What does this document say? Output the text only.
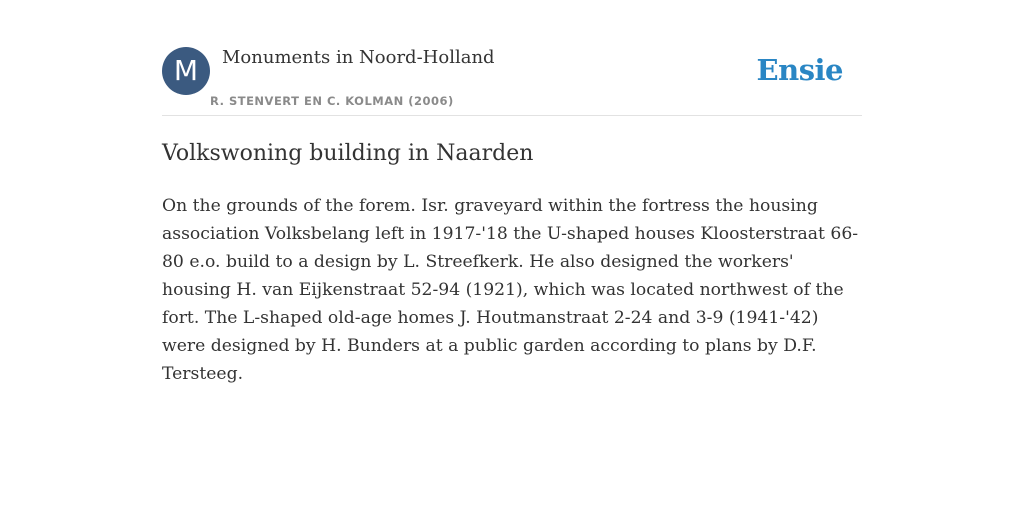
M	Monuments in Noord-Holland
R. STENVERT EN C. KOLMAN (2006)
Ensie
Volkswoning building in Naarden

On the grounds of the forem. Isr. graveyard within the fortress the housing association Volksbelang left in 1917-'18 the U-shaped houses Kloosterstraat 66-80 e.o. build to a design by L. Streefkerk. He also designed the workers' housing H. van Eijkenstraat 52-94 (1921), which was located northwest of the fort. The L-shaped old-age homes J. Houtmanstraat 2-24 and 3-9 (1941-'42) were designed by H. Bunders at a public garden according to plans by D.F. Tersteeg.
